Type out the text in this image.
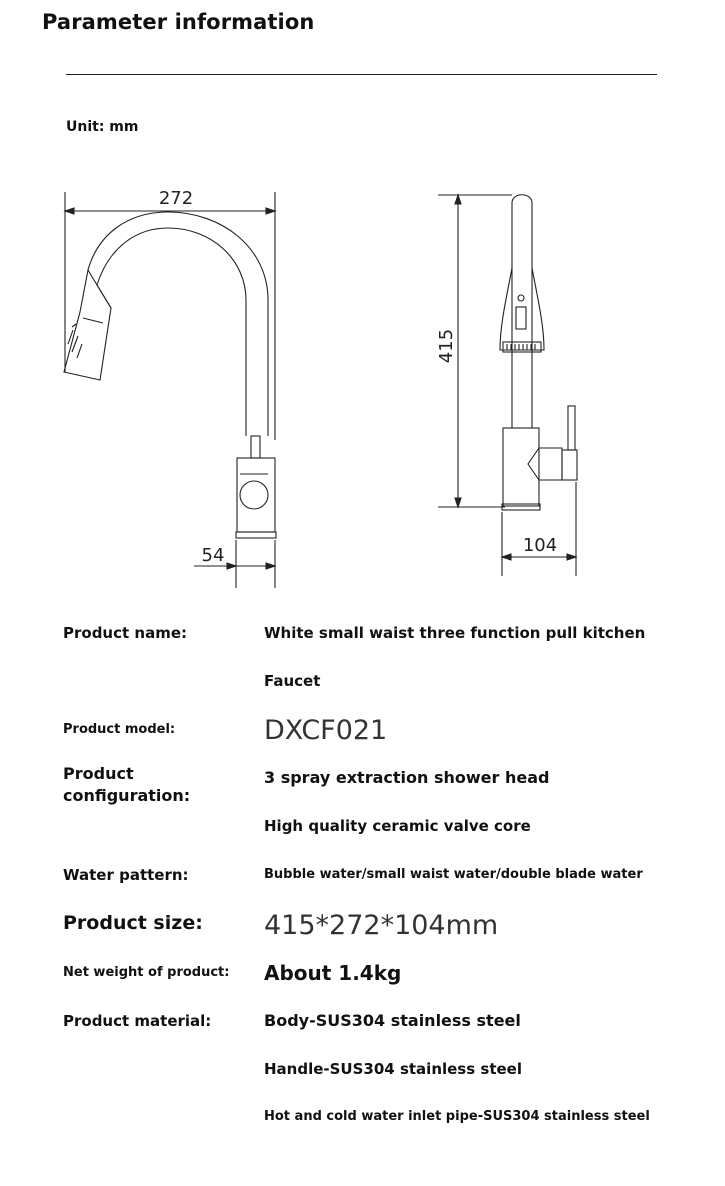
Parameter information
Unit: mm
272
54
415
104
Product name:	White small waist three function pull kitchen
Faucet
Product model:	DXCF021
Product
configuration:
3 spray extraction shower head
High quality ceramic valve core
Water pattern:	Bubble water/small waist water/double blade water
Product size: 415*272*104mm
Net weight of product: About 1.4kg
Product material:	Body-SUS304 stainless steel
Handle-SUS304 stainless steel
Hot and cold water inlet pipe-SUS304 stainless steel
